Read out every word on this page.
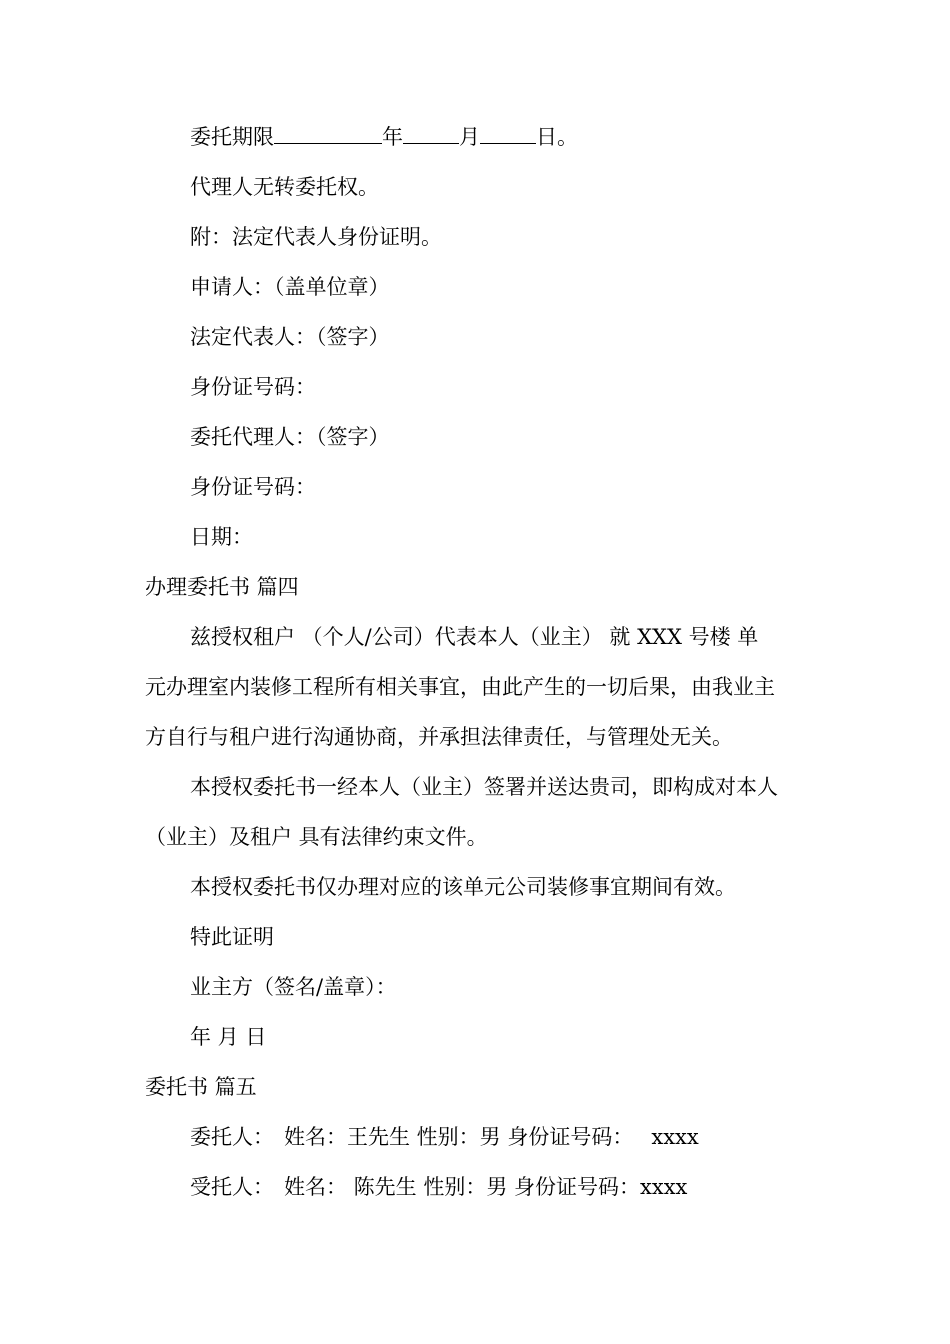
委托期限	年	月	日。
代理人无转委托权。
附：法定代表人身份证明。
申请人：（盖单位章）
法定代表人：（签字）
身份证号码：
委托代理人：（签字）
身份证号码：
日期：
办理委托书 篇四
兹授权租户 （个人/公司）代表本人（业主） 就 XXX 号楼 单
元办理室内装修工程所有相关事宜，由此产生的一切后果，由我业主
方自行与租户进行沟通协商，并承担法律责任，与管理处无关。
本授权委托书一经本人（业主）签署并送达贵司，即构成对本人
（业主）及租户 具有法律约束文件。
本授权委托书仅办理对应的该单元公司装修事宜期间有效。
特此证明
业主方（签名/盖章）：
年 月 日
委托书 篇五
委托人： 姓名：王先生 性别：男 身份证号码： xxxx
受托人： 姓名： 陈先生 性别：男 身份证号码：xxxx
